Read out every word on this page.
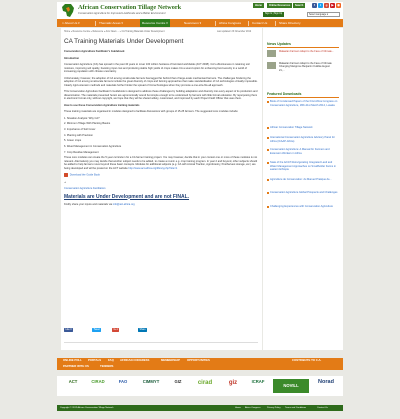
African Conservation Tillage Network
Conservation Agriculture for Improved Livelihoods and a Better Environment
Home	Online Resources	Search	f	t	g	▶	◉
Sign In | Sign Up	Select Language ▾
⌂ About Us ▾	Thematic Areas ▾	Resource Centre ▾	Newsroom ▾	Africa Congress	Contact Us	Share Directory
Home » Resource Centre » Reference » Actv News ... » CA Training Materials Under Development	Last updated: 23 November 2012
CA Training Materials Under Development

Conservation Agriculture Facilitator's Guidebook

Introduction

Conservation Agriculture (CA) has spread in the past 40 years to cover 100 million hectares of farmland worldwide (ACT 2008). CA's effectiveness in retaining soil moisture, improving soil quality, boosting input cost and producing stable high yields of crops makes CA a sound option for enhancing food security in a world of increasing population with climate uncertainty.

Unfortunately, however, the adoption of CA among small-scale farmers has lagged far behind that of large-scale mechanised farmers. The challenges hindering the adoption of CA among small-scale farmers include the great diversity of crops and farming approaches that make standardisation of CA technologies virtually impossible. Clearly rigid extension methods and materials further hinder the spread of CA technologies when they promote a one-size-fits-all approach.

This Conservation Agriculture Facilitator's Guidebook is designed to address these challenges by building adaptation and diversity into every aspect of its production and dissemination. The materials presented herein are agronomically sound but simple enough to be understood by farmers with little formal education. By repurposing them in electronic format only, without copyright, we hope that they will be shared widely, customised, and improved by each Project Field Officer that uses them.

How to use these Conservation Agriculture training materials

These training materials are organised in modules designed to facilitate discussions with groups of 15-25 farmers. The suggested core modules include:

1. Situation Analysis: Why CA?
2. Minimum Tillage With Planting Basins
3. Importance of Soil Cover
4. Planting with Precision
5. Green crops
6. Weed Management in Conservation Agriculture
7. Crop Residue Management

These core modules can create the 5-year curriculum for a CA farmer training project. You may however, decide that in your context one or more of these modules is not relevant. Alternatively you may decide that another subject needs to be added, to create a round. e.g. crop training program. In year 2 and beyond, other subjects should be added to help farmers move beyond these basic concepts. Modules for additional subjects (e.g. CA with Animal Traction, Agroforestry, Postharvest storage, etc.) are being developed and will be posted on the ACT website http://www.act-africa.org/library.php?site=1

Download the Guide Book

⇒

Conservation Agriculture Facilitators

Materials are Under Development and are not FINAL.

Kindly share your inputs and materials via info@act-africa.org

Like 0	Tweet	G+1	Share
News Updates
Malawian Farmers Adapt to the Face of Climate...
Malawian Farmers Adapt to the Face of Climate Changing Mangrove Benjamin Kuiklka August 21,...
Featured Downloads
Book of Condensed Papers of the First Africa Congress on Conservation Agriculture, 18th-21st March 2014, Lusaka
African Conservation Tillage Network
International Conservation Agriculture Advisory Panel for Africa (ICAAP-Africa)
Conservation Agriculture: A Manual for Farmers and Extension Workers in Africa
State of the Art/AT Reinvigorating Integrated Land and Water Management Approaches on Smallholder Farms in eastern Ethiopia
Agriculture de Conservation: du Manuel Pratique de...
Conservation Agriculture Global Prospects and Challenges
Challenging Experiences with Conservation Agriculture
ONLINE POLL PORTALS FAQ AFRICAN CONGRESS	MEMBERSHIP	OPPORTUNITIES	CONTRIBUTE TO C.A.
PARTNER WITH US	TENDERS
ACT	CIRAD	FAO	CIMMYT	GIZ	cirad	giz	ICRAF
NOVILL
Norad
Copyright © 2012 African Conservation Tillage Network	Home Africa Congress	Privacy Policy Terms and Conditions	Contact Us
